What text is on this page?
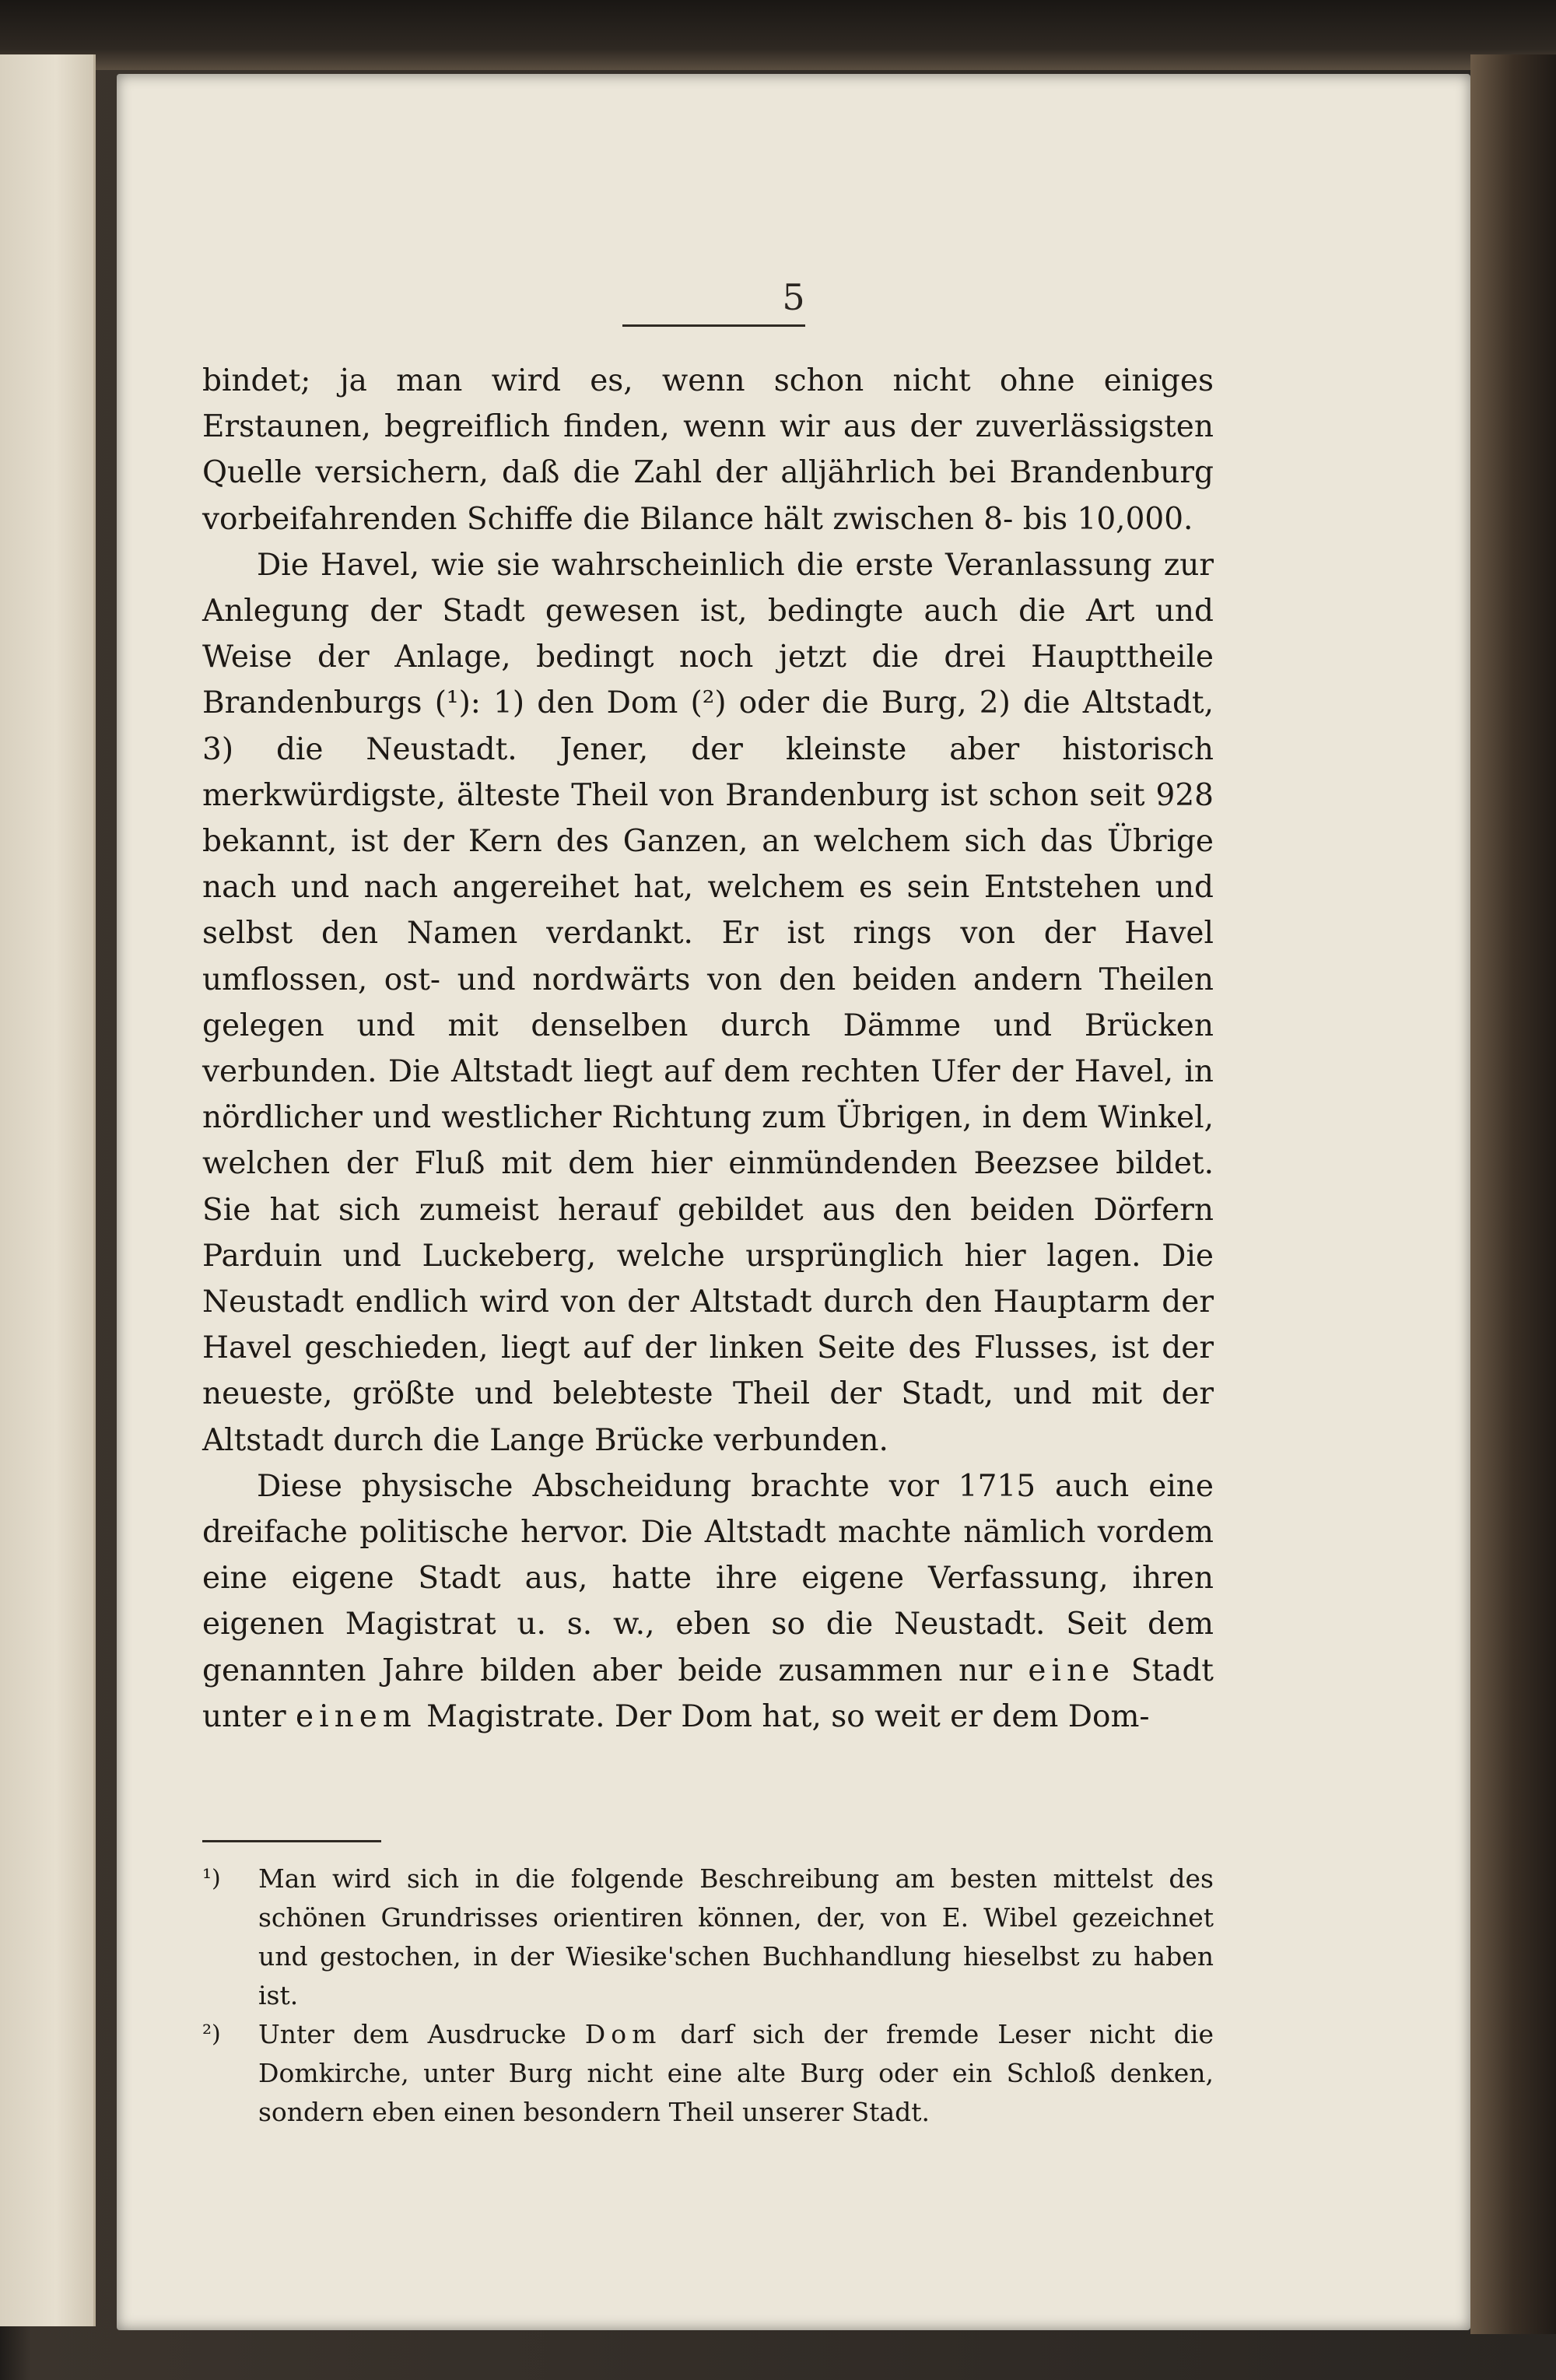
5

bindet; ja man wird es, wenn schon nicht ohne einiges Erstaunen, begreiflich finden, wenn wir aus der zuverlässigsten Quelle versichern, daß die Zahl der alljährlich bei Brandenburg vorbeifahrenden Schiffe die Bilance hält zwischen 8- bis 10,000.

Die Havel, wie sie wahrscheinlich die erste Veranlassung zur Anlegung der Stadt gewesen ist, bedingte auch die Art und Weise der Anlage, bedingt noch jetzt die drei Haupttheile Brandenburgs (¹): 1) den Dom (²) oder die Burg, 2) die Altstadt, 3) die Neustadt. Jener, der kleinste aber historisch merkwürdigste, älteste Theil von Brandenburg ist schon seit 928 bekannt, ist der Kern des Ganzen, an welchem sich das Übrige nach und nach angereihet hat, welchem es sein Entstehen und selbst den Namen verdankt. Er ist rings von der Havel umflossen, ost- und nordwärts von den beiden andern Theilen gelegen und mit denselben durch Dämme und Brücken verbunden. Die Altstadt liegt auf dem rechten Ufer der Havel, in nördlicher und westlicher Richtung zum Übrigen, in dem Winkel, welchen der Fluß mit dem hier einmündenden Beezsee bildet. Sie hat sich zumeist herauf gebildet aus den beiden Dörfern Parduin und Luckeberg, welche ursprünglich hier lagen. Die Neustadt endlich wird von der Altstadt durch den Hauptarm der Havel geschieden, liegt auf der linken Seite des Flusses, ist der neueste, größte und belebteste Theil der Stadt, und mit der Altstadt durch die Lange Brücke verbunden.

Diese physische Abscheidung brachte vor 1715 auch eine dreifache politische hervor. Die Altstadt machte nämlich vordem eine eigene Stadt aus, hatte ihre eigene Verfassung, ihren eigenen Magistrat u. s. w., eben so die Neustadt. Seit dem genannten Jahre bilden aber beide zusammen nur eine Stadt unter einem Magistrate. Der Dom hat, so weit er dem Dom-

¹) Man wird sich in die folgende Beschreibung am besten mittelst des schönen Grundrisses orientiren können, der, von E. Wibel gezeichnet und gestochen, in der Wiesike'schen Buchhandlung hieselbst zu haben ist.

²) Unter dem Ausdrucke Dom darf sich der fremde Leser nicht die Domkirche, unter Burg nicht eine alte Burg oder ein Schloß denken, sondern eben einen besondern Theil unserer Stadt.
